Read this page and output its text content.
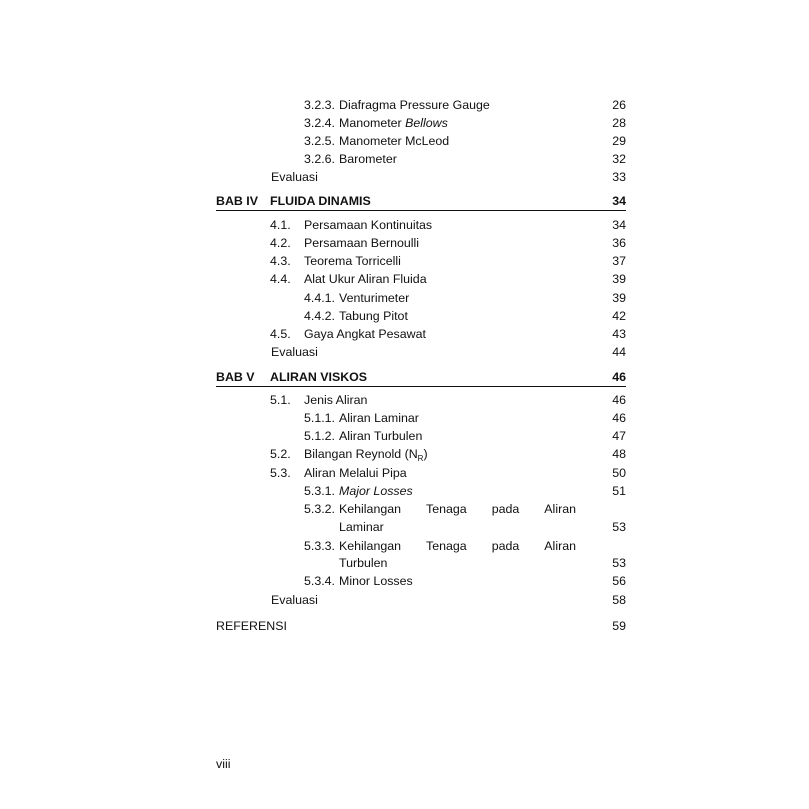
3.2.3. Diafragma Pressure Gauge	26
3.2.4. Manometer Bellows	28
3.2.5. Manometer McLeod	29
3.2.6. Barometer	32
Evaluasi	33
BAB IV FLUIDA DINAMIS	34
4.1.	Persamaan Kontinuitas	34
4.2.	Persamaan Bernoulli	36
4.3.	Teorema Torricelli	37
4.4.	Alat Ukur Aliran Fluida	39
4.4.1. Venturimeter	39
4.4.2. Tabung Pitot	42
4.5.	Gaya Angkat Pesawat	43
Evaluasi	44
BAB V	ALIRAN VISKOS	46
5.1.	Jenis Aliran	46
5.1.1. Aliran Laminar	46
5.1.2. Aliran Turbulen	47
5.2.	Bilangan Reynold $(N_R)$	48
5.3.	Aliran Melalui Pipa	50
5.3.1. Major Losses	51
5.3.2. Kehilangan Tenaga pada Aliran
Laminar	53
5.3.3. Kehilangan Tenaga pada Aliran
Turbulen	53
5.3.4. Minor Losses	56
Evaluasi	58
REFERENSI	59
viii
